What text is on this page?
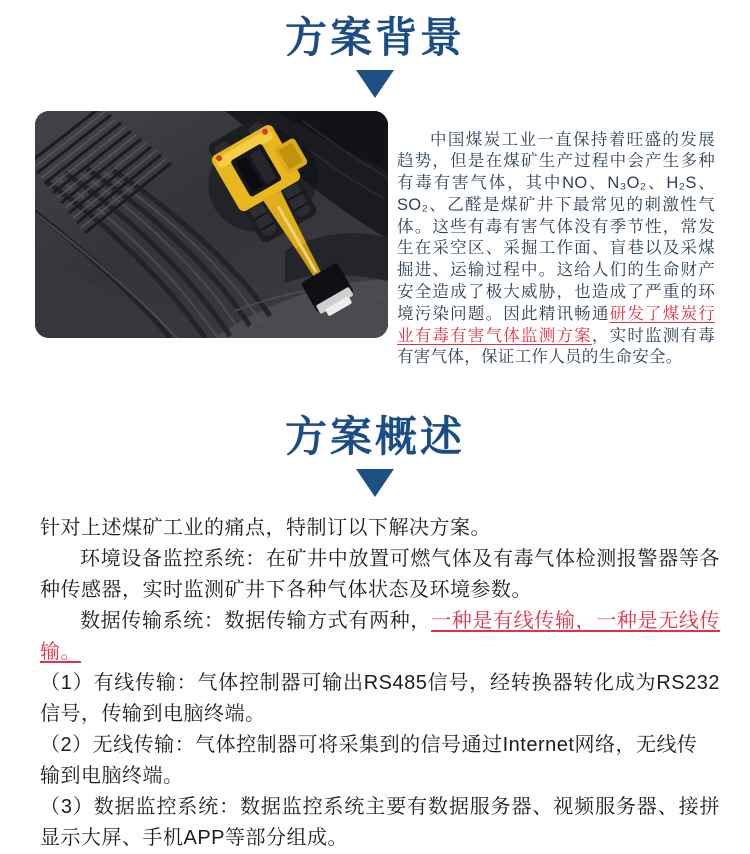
方案背景

中国煤炭工业一直保持着旺盛的发展趋势，但是在煤矿生产过程中会产生多种有毒有害气体，其中NO、N₃O₂、H₂S、SO₂、乙醛是煤矿井下最常见的刺激性气体。这些有毒有害气体没有季节性，常发生在采空区、采掘工作面、盲巷以及采煤掘进、运输过程中。这给人们的生命财产安全造成了极大威胁，也造成了严重的环境污染问题。因此精讯畅通研发了煤炭行业有毒有害气体监测方案，实时监测有毒有害气体，保证工作人员的生命安全。

方案概述

针对上述煤矿工业的痛点，特制订以下解决方案。

环境设备监控系统：在矿井中放置可燃气体及有毒气体检测报警器等各种传感器，实时监测矿井下各种气体状态及环境参数。

数据传输系统：数据传输方式有两种，一种是有线传输，一种是无线传输。

（1）有线传输：气体控制器可输出RS485信号，经转换器转化成为RS232信号，传输到电脑终端。

（2）无线传输：气体控制器可将采集到的信号通过Internet网络，无线传
输到电脑终端。

（3）数据监控系统：数据监控系统主要有数据服务器、视频服务器、接拼显示大屏、手机APP等部分组成。
